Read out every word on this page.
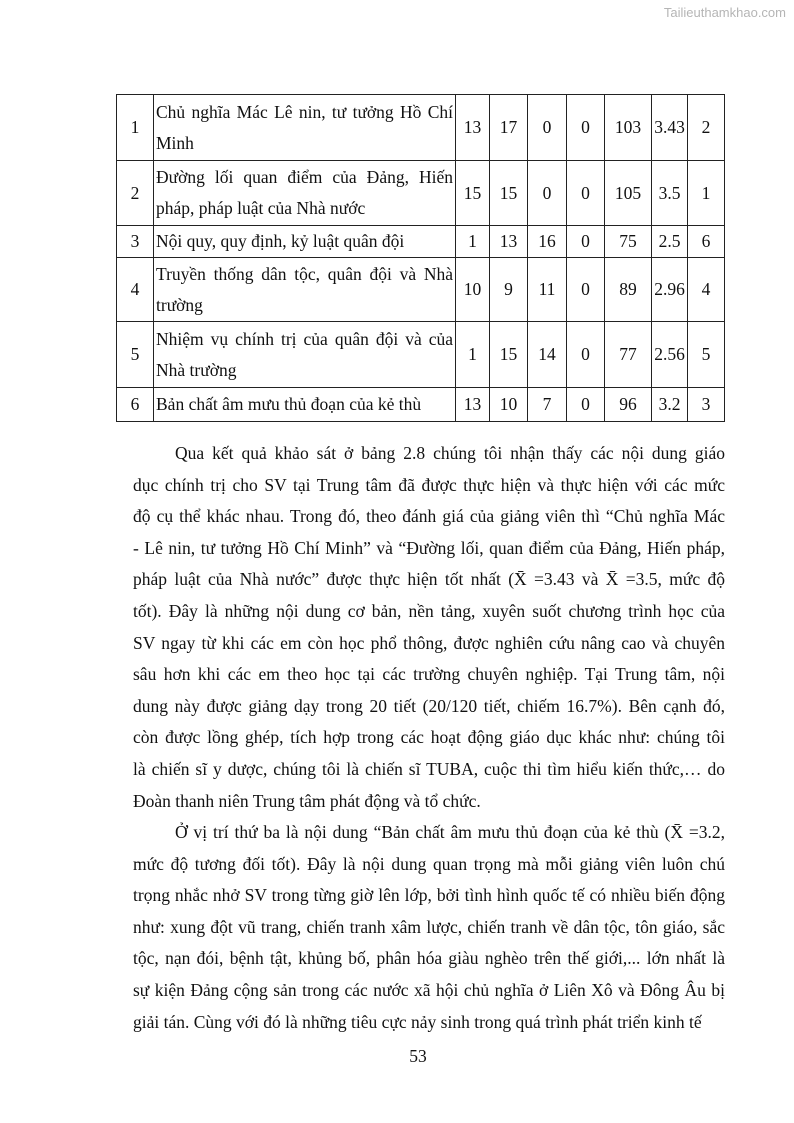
Tailieuthamkhao.com
1	Chủ nghĩa Mác Lê nin, tư tưởng Hồ Chí Minh	13	17	0	0	103	3.43	2
2	Đường lối quan điểm của Đảng, Hiến pháp, pháp luật của Nhà nước	15	15	0	0	105	3.5	1
3	Nội quy, quy định, kỷ luật quân đội	1	13	16	0	75	2.5	6
4	Truyền thống dân tộc, quân đội và Nhà trường	10	9	11	0	89	2.96	4
5	Nhiệm vụ chính trị của quân đội và của Nhà trường	1	15	14	0	77	2.56	5
6	Bản chất âm mưu thủ đoạn của kẻ thù	13	10	7	0	96	3.2	3
Qua kết quả khảo sát ở bảng 2.8 chúng tôi nhận thấy các nội dung giáo
dục chính trị cho SV tại Trung tâm đã được thực hiện và thực hiện với các mức
độ cụ thể khác nhau. Trong đó, theo đánh giá của giảng viên thì “Chủ nghĩa Mác
- Lê nin, tư tưởng Hồ Chí Minh” và “Đường lối, quan điểm của Đảng, Hiến pháp,
pháp luật của Nhà nước” được thực hiện tốt nhất (X̄ =3.43 và X̄ =3.5, mức độ
tốt). Đây là những nội dung cơ bản, nền tảng, xuyên suốt chương trình học của
SV ngay từ khi các em còn học phổ thông, được nghiên cứu nâng cao và chuyên
sâu hơn khi các em theo học tại các trường chuyên nghiệp. Tại Trung tâm, nội
dung này được giảng dạy trong 20 tiết (20/120 tiết, chiếm 16.7%). Bên cạnh đó,
còn được lồng ghép, tích hợp trong các hoạt động giáo dục khác như: chúng tôi
là chiến sĩ y dược, chúng tôi là chiến sĩ TUBA, cuộc thi tìm hiểu kiến thức,… do
Đoàn thanh niên Trung tâm phát động và tổ chức.
Ở vị trí thứ ba là nội dung “Bản chất âm mưu thủ đoạn của kẻ thù (X̄ =3.2,
mức độ tương đối tốt). Đây là nội dung quan trọng mà mỗi giảng viên luôn chú
trọng nhắc nhở SV trong từng giờ lên lớp, bởi tình hình quốc tế có nhiều biến động
như: xung đột vũ trang, chiến tranh xâm lược, chiến tranh về dân tộc, tôn giáo, sắc
tộc, nạn đói, bệnh tật, khủng bố, phân hóa giàu nghèo trên thế giới,... lớn nhất là
sự kiện Đảng cộng sản trong các nước xã hội chủ nghĩa ở Liên Xô và Đông Âu bị
giải tán. Cùng với đó là những tiêu cực nảy sinh trong quá trình phát triển kinh tế
53
